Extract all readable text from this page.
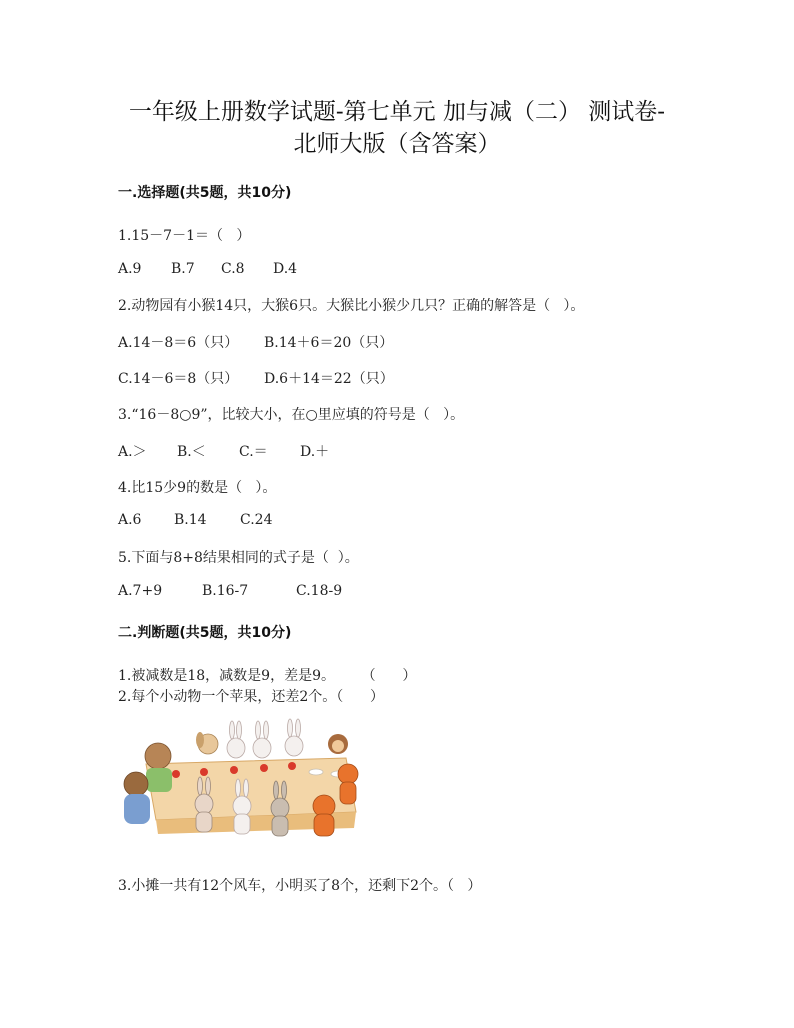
一年级上册数学试题-第七单元 加与减（二） 测试卷-
北师大版（含答案）
一.选择题(共5题，共10分)
1.15－7－1＝（   ）
A.9 B.7 C.8 D.4
2.动物园有小猴14只，大猴6只。大猴比小猴少几只？正确的解答是（   ）。
A.14－8＝6（只） B.14＋6＝20（只）
C.14－6＝8（只） D.6＋14＝22（只）
3.“16－8○9”，比较大小，在○里应填的符号是（   ）。
A.＞ B.＜ C.＝ D.＋
4.比15少9的数是（   ）。
A.6 B.14 C.24
5.下面与8+8结果相同的式子是（  ）。
A.7+9	B.16-7	C.18-9
二.判断题(共5题，共10分)
1.被减数是18，减数是9，差是9。      （      ）
2.每个小动物一个苹果，还差2个。（      ）
3.小摊一共有12个风车，小明买了8个，还剩下2个。（   ）
